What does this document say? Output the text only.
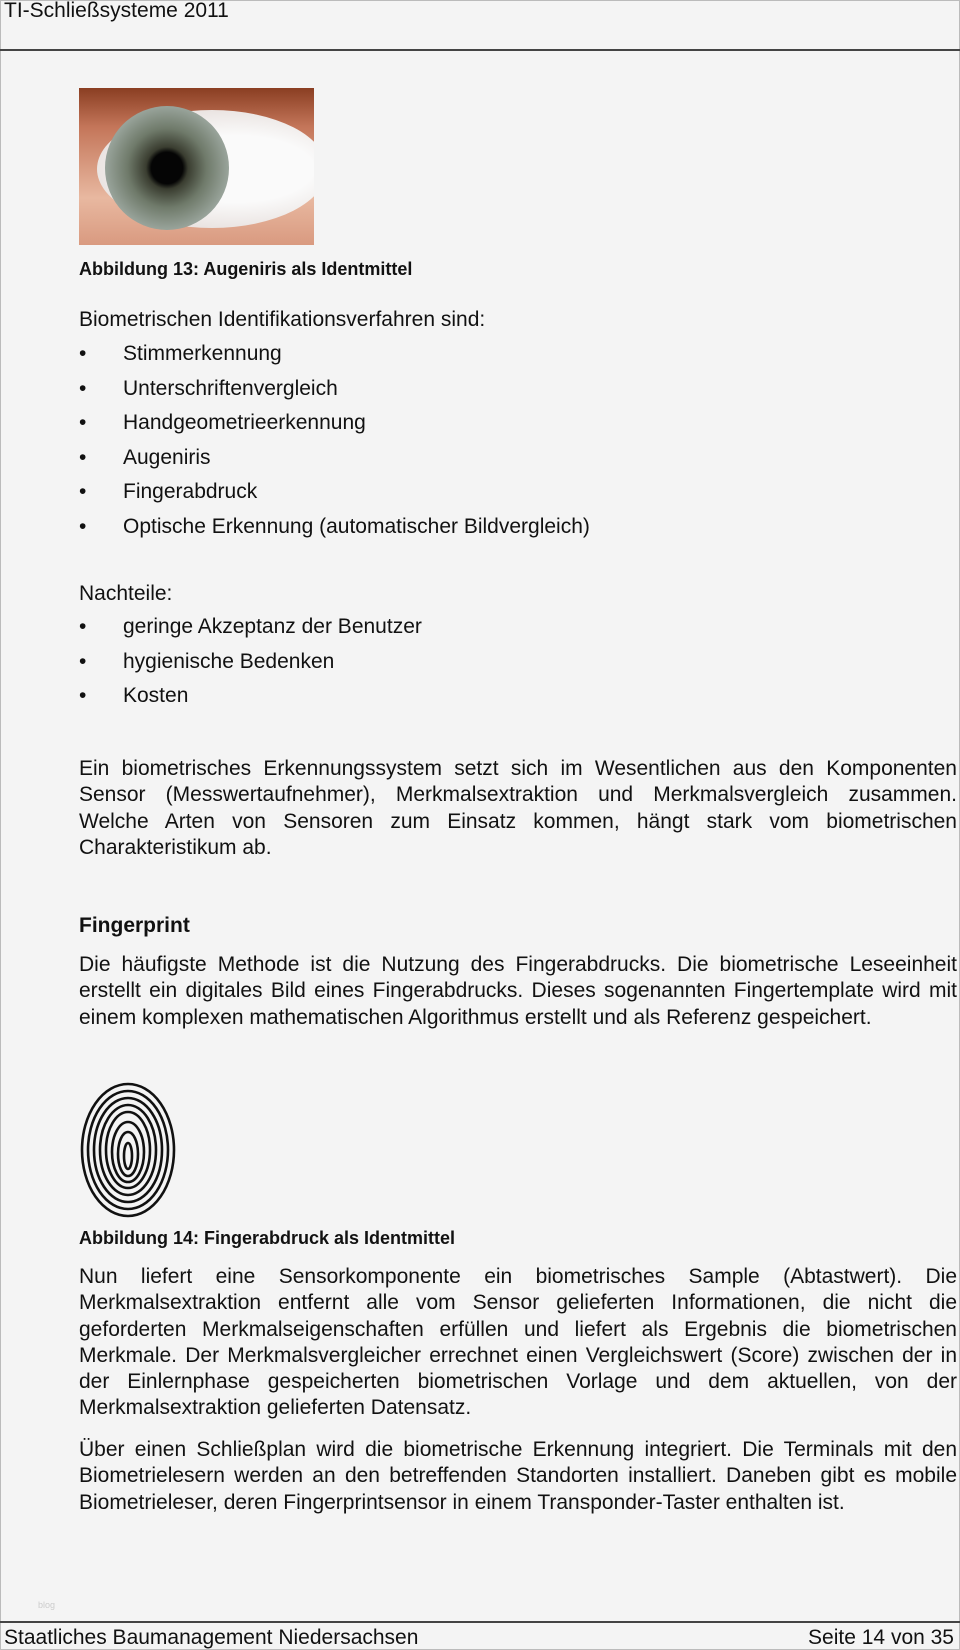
TI-Schließsysteme 2011
Abbildung 13: Augeniris als Identmittel
Biometrischen Identifikationsverfahren sind:
• Stimmerkennung
• Unterschriftenvergleich
• Handgeometrieerkennung
• Augeniris
• Fingerabdruck
• Optische Erkennung (automatischer Bildvergleich)
Nachteile:
• geringe Akzeptanz der Benutzer
• hygienische Bedenken
• Kosten

Ein biometrisches Erkennungssystem setzt sich im Wesentlichen aus den Komponenten Sensor (Messwertaufnehmer), Merkmalsextraktion und Merkmalsvergleich zusammen. Welche Arten von Sensoren zum Einsatz kommen, hängt stark vom biometrischen Charakteristikum ab.

Fingerprint

Die häufigste Methode ist die Nutzung des Fingerabdrucks. Die biometrische Leseeinheit erstellt ein digitales Bild eines Fingerabdrucks. Dieses sogenannten Fingertemplate wird mit einem komplexen mathematischen Algorithmus erstellt und als Referenz gespeichert.

Abbildung 14: Fingerabdruck als Identmittel

Nun liefert eine Sensorkomponente ein biometrisches Sample (Abtastwert). Die Merkmalsextraktion entfernt alle vom Sensor gelieferten Informationen, die nicht die geforderten Merkmalseigenschaften erfüllen und liefert als Ergebnis die biometrischen Merkmale. Der Merkmalsvergleicher errechnet einen Vergleichswert (Score) zwischen der in der Einlernphase gespeicherten biometrischen Vorlage und dem aktuellen, von der Merkmalsextraktion gelieferten Datensatz.

Über einen Schließplan wird die biometrische Erkennung integriert. Die Terminals mit den Biometrielesern werden an den betreffenden Standorten installiert. Daneben gibt es mobile Biometrieleser, deren Fingerprintsensor in einem Transponder-Taster enthalten ist.

blog
Staatliches Baumanagement Niedersachsen	Seite 14 von 35
